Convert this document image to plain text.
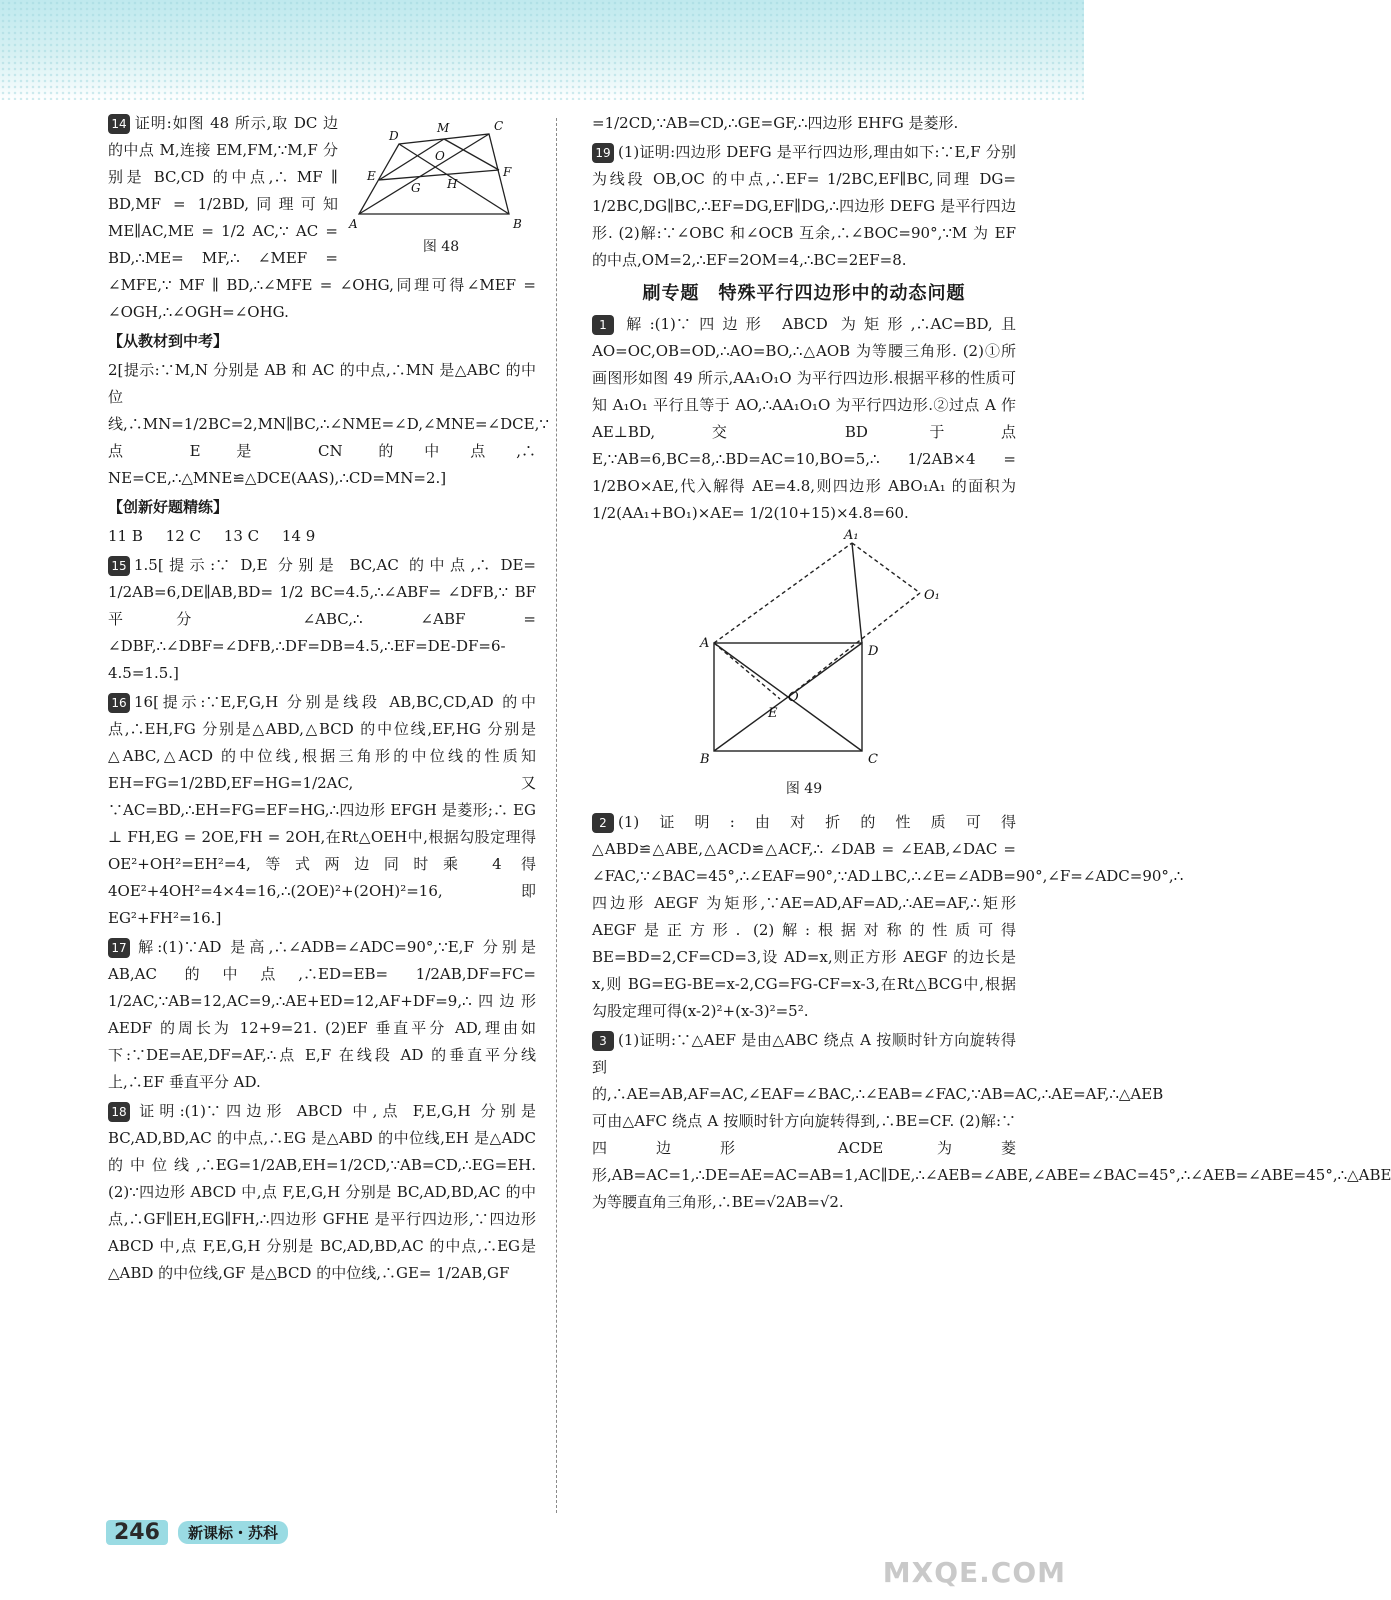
D
M	C
O
E
G H
F
A	B

图 48

14 证明:如图 48 所示,取 DC 边的中点 M,连接 EM,FM,∵M,F 分别是 BC,CD 的中点,∴ MF ∥ BD,MF = 1/2BD,同理可知 ME∥AC,ME = 1/2 AC,∵ AC = BD,∴ME= MF,∴ ∠MEF = ∠MFE,∵ MF ∥ BD,∴∠MFE = ∠OHG,同理可得∠MEF = ∠OGH,∴∠OGH=∠OHG.

【从教材到中考】

2[提示:∵M,N 分别是 AB 和 AC 的中点,∴MN 是△ABC 的中位线,∴MN=1/2BC=2,MN∥BC,∴∠NME=∠D,∠MNE=∠DCE,∵ 点 E 是 CN 的中点,∴ NE=CE,∴△MNE≌△DCE(AAS),∴CD=MN=2.]

【创新好题精练】

11 B 12 C 13 C 14 9

15 1.5[提示:∵ D,E 分别是 BC,AC 的中点,∴ DE= 1/2AB=6,DE∥AB,BD= 1/2 BC=4.5,∴∠ABF= ∠DFB,∵ BF 平分 ∠ABC,∴ ∠ABF = ∠DBF,∴∠DBF=∠DFB,∴DF=DB=4.5,∴EF=DE-DF=6-4.5=1.5.]

16 16[提示:∵E,F,G,H 分别是线段 AB,BC,CD,AD 的中点,∴EH,FG 分别是△ABD,△BCD 的中位线,EF,HG 分别是△ABC,△ACD 的中位线,根据三角形的中位线的性质知 EH=FG=1/2BD,EF=HG=1/2AC,又∵AC=BD,∴EH=FG=EF=HG,∴四边形 EFGH 是菱形;∴ EG ⊥ FH,EG = 2OE,FH = 2OH,在Rt△OEH中,根据勾股定理得 OE²+OH²=EH²=4,等式两边同时乘 4 得 4OE²+4OH²=4×4=16,∴(2OE)²+(2OH)²=16,即 EG²+FH²=16.]

17 解:(1)∵AD 是高,∴∠ADB=∠ADC=90°,∵E,F 分别是 AB,AC 的中点,∴ED=EB= 1/2AB,DF=FC= 1/2AC,∵AB=12,AC=9,∴AE+ED=12,AF+DF=9,∴四边形 AEDF 的周长为 12+9=21. (2)EF 垂直平分 AD,理由如下:∵DE=AE,DF=AF,∴点 E,F 在线段 AD 的垂直平分线上,∴EF 垂直平分 AD.

18 证明:(1)∵四边形 ABCD 中,点 F,E,G,H 分别是 BC,AD,BD,AC 的中点,∴EG 是△ABD 的中位线,EH 是△ADC 的中位线,∴EG=1/2AB,EH=1/2CD,∵AB=CD,∴EG=EH. (2)∵四边形 ABCD 中,点 F,E,G,H 分别是 BC,AD,BD,AC 的中点,∴GF∥EH,EG∥FH,∴四边形 GFHE 是平行四边形,∵四边形 ABCD 中,点 F,E,G,H 分别是 BC,AD,BD,AC 的中点,∴EG是△ABD 的中位线,GF 是△BCD 的中位线,∴GE= 1/2AB,GF

=1/2CD,∵AB=CD,∴GE=GF,∴四边形 EHFG 是菱形.

19 (1)证明:四边形 DEFG 是平行四边形,理由如下:∵E,F 分别为线段 OB,OC 的中点,∴EF= 1/2BC,EF∥BC,同理 DG= 1/2BC,DG∥BC,∴EF=DG,EF∥DG,∴四边形 DEFG 是平行四边形. (2)解:∵∠OBC 和∠OCB 互余,∴∠BOC=90°,∵M 为 EF 的中点,OM=2,∴EF=2OM=4,∴BC=2EF=8.

刷专题　特殊平行四边形中的动态问题

1 解:(1)∵四边形 ABCD 为矩形,∴AC=BD,且 AO=OC,OB=OD,∴AO=BO,∴△AOB 为等腰三角形. (2)①所画图形如图 49 所示,AA₁O₁O 为平行四边形.根据平移的性质可知 A₁O₁ 平行且等于 AO,∴AA₁O₁O 为平行四边形.②过点 A 作 AE⊥BD,交 BD 于点 E,∵AB=6,BC=8,∴BD=AC=10,BO=5,∴ 1/2AB×4 = 1/2BO×AE,代入解得 AE=4.8,则四边形 ABO₁A₁ 的面积为 1/2(AA₁+BO₁)×AE= 1/2(10+15)×4.8=60.

A₁
O₁
A
D
O
E
B	C

图 49

2 (1)证明:由对折的性质可得△ABD≌△ABE,△ACD≌△ACF,∴ ∠DAB = ∠EAB,∠DAC = ∠FAC,∵∠BAC=45°,∴∠EAF=90°,∵AD⊥BC,∴∠E=∠ADB=90°,∠F=∠ADC=90°,∴四边形 AEGF 为矩形,∵AE=AD,AF=AD,∴AE=AF,∴矩形 AEGF是正方形. (2)解:根据对称的性质可得 BE=BD=2,CF=CD=3,设 AD=x,则正方形 AEGF 的边长是 x,则 BG=EG-BE=x-2,CG=FG-CF=x-3,在Rt△BCG中,根据勾股定理可得(x-2)²+(x-3)²=5².

3 (1)证明:∵△AEF 是由△ABC 绕点 A 按顺时针方向旋转得到的,∴AE=AB,AF=AC,∠EAF=∠BAC,∴∠EAB=∠FAC,∵AB=AC,∴AE=AF,∴△AEB可由△AFC 绕点 A 按顺时针方向旋转得到,∴BE=CF. (2)解:∵四边形 ACDE 为菱形,AB=AC=1,∴DE=AE=AC=AB=1,AC∥DE,∴∠AEB=∠ABE,∠ABE=∠BAC=45°,∴∠AEB=∠ABE=45°,∴△ABE 为等腰直角三角形,∴BE=√2AB=√2.

246	新课标・苏科
MXQE.COM
